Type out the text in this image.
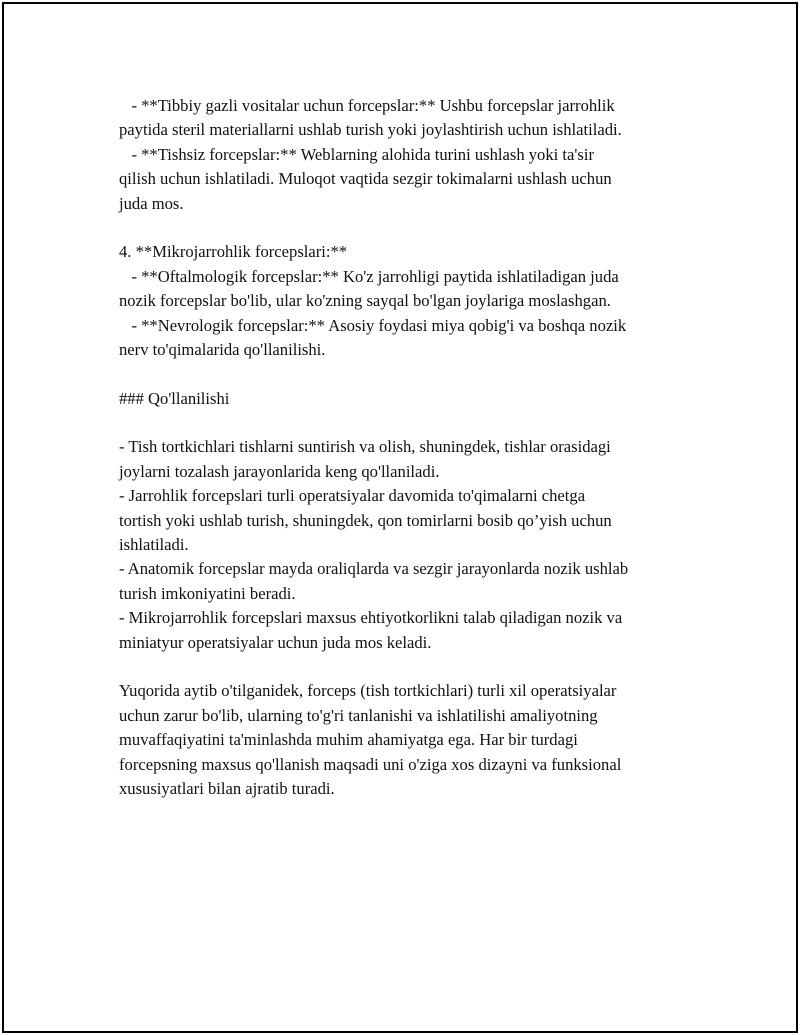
- **Tibbiy gazli vositalar uchun forcepslar:** Ushbu forcepslar jarrohlik
paytida steril materiallarni ushlab turish yoki joylashtirish uchun ishlatiladi.
- **Tishsiz forcepslar:** Weblarning alohida turini ushlash yoki ta'sir
qilish uchun ishlatiladi. Muloqot vaqtida sezgir tokimalarni ushlash uchun
juda mos.
4. **Mikrojarrohlik forcepslari:**
- **Oftalmologik forcepslar:** Ko'z jarrohligi paytida ishlatiladigan juda
nozik forcepslar bo'lib, ular ko'zning sayqal bo'lgan joylariga moslashgan.
- **Nevrologik forcepslar:** Asosiy foydasi miya qobig'i va boshqa nozik
nerv to'qimalarida qo'llanilishi.
### Qo'llanilishi
- Tish tortkichlari tishlarni suntirish va olish, shuningdek, tishlar orasidagi
joylarni tozalash jarayonlarida keng qo'llaniladi.
- Jarrohlik forcepslari turli operatsiyalar davomida to'qimalarni chetga
tortish yoki ushlab turish, shuningdek, qon tomirlarni bosib qo’yish uchun
ishlatiladi.
- Anatomik forcepslar mayda oraliqlarda va sezgir jarayonlarda nozik ushlab
turish imkoniyatini beradi.
- Mikrojarrohlik forcepslari maxsus ehtiyotkorlikni talab qiladigan nozik va
miniatyur operatsiyalar uchun juda mos keladi.
Yuqorida aytib o'tilganidek, forceps (tish tortkichlari) turli xil operatsiyalar
uchun zarur bo'lib, ularning to'g'ri tanlanishi va ishlatilishi amaliyotning
muvaffaqiyatini ta'minlashda muhim ahamiyatga ega. Har bir turdagi
forcepsning maxsus qo'llanish maqsadi uni o'ziga xos dizayni va funksional
xususiyatlari bilan ajratib turadi.
